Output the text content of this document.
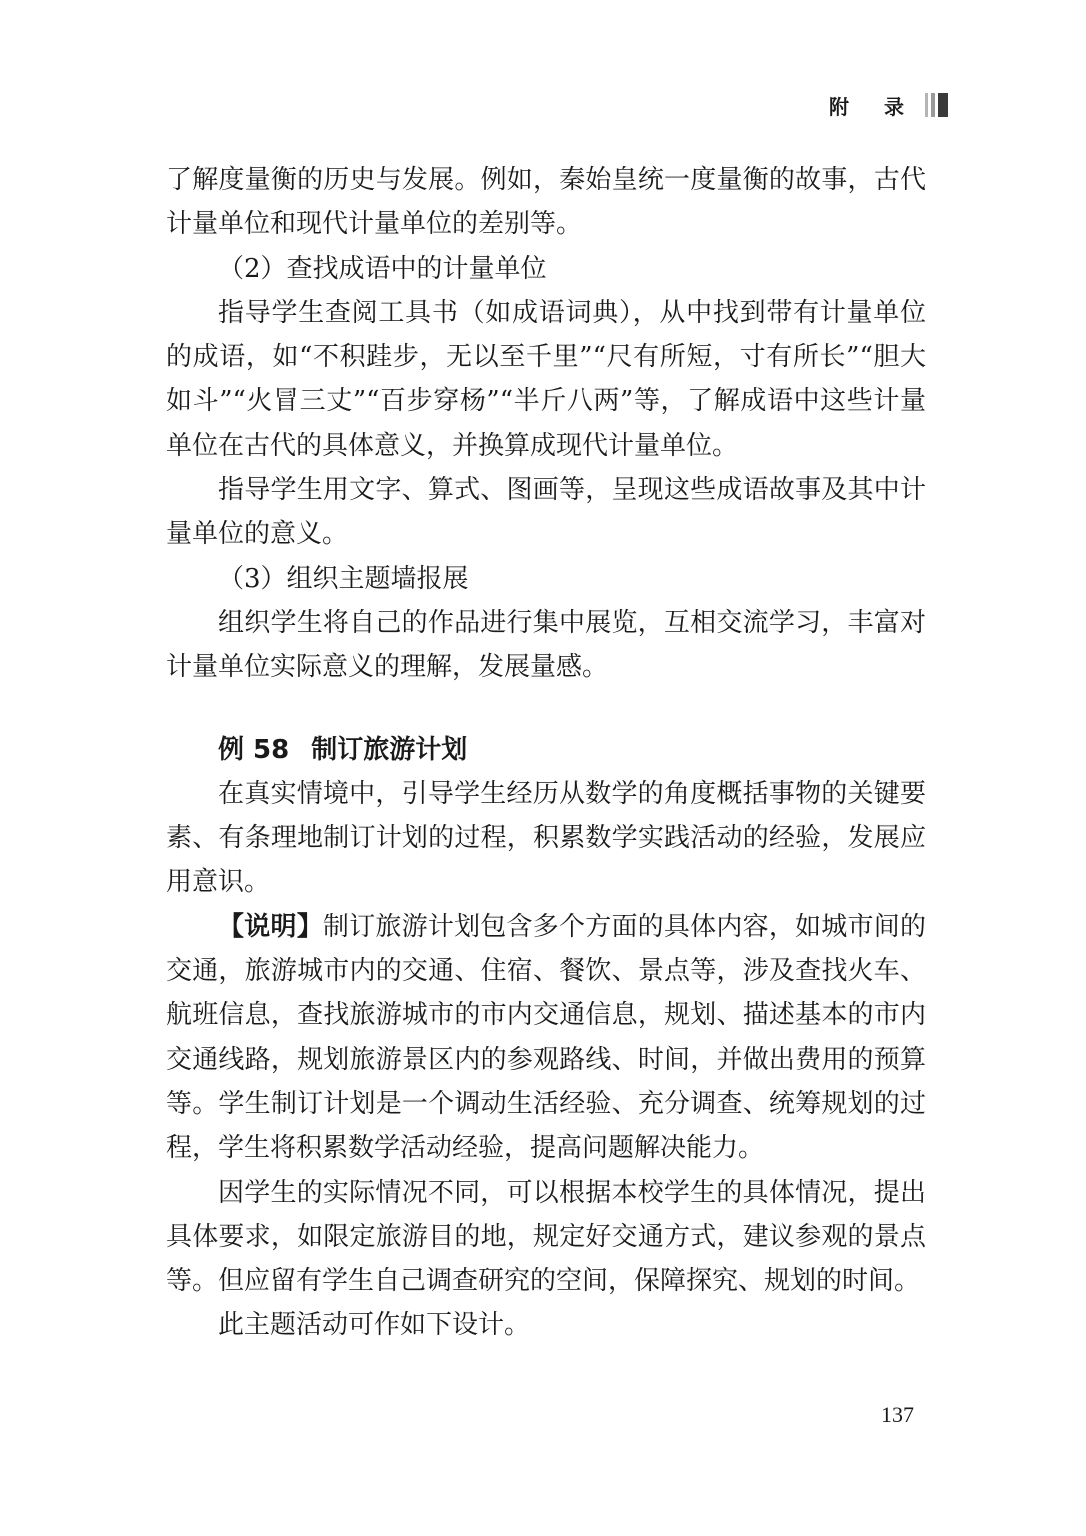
附 录

了解度量衡的历史与发展。例如，秦始皇统一度量衡的故事，古代计量单位和现代计量单位的差别等。

（2）查找成语中的计量单位

指导学生查阅工具书（如成语词典），从中找到带有计量单位的成语，如“不积跬步，无以至千里”“尺有所短，寸有所长”“胆大如斗”“火冒三丈”“百步穿杨”“半斤八两”等，了解成语中这些计量单位在古代的具体意义，并换算成现代计量单位。

指导学生用文字、算式、图画等，呈现这些成语故事及其中计量单位的意义。

（3）组织主题墙报展

组织学生将自己的作品进行集中展览，互相交流学习，丰富对计量单位实际意义的理解，发展量感。

例 58 制订旅游计划

在真实情境中，引导学生经历从数学的角度概括事物的关键要素、有条理地制订计划的过程，积累数学实践活动的经验，发展应用意识。

【说明】制订旅游计划包含多个方面的具体内容，如城市间的交通，旅游城市内的交通、住宿、餐饮、景点等，涉及查找火车、航班信息，查找旅游城市的市内交通信息，规划、描述基本的市内交通线路，规划旅游景区内的参观路线、时间，并做出费用的预算等。学生制订计划是一个调动生活经验、充分调查、统筹规划的过程，学生将积累数学活动经验，提高问题解决能力。

因学生的实际情况不同，可以根据本校学生的具体情况，提出具体要求，如限定旅游目的地，规定好交通方式，建议参观的景点等。但应留有学生自己调查研究的空间，保障探究、规划的时间。

此主题活动可作如下设计。

137
